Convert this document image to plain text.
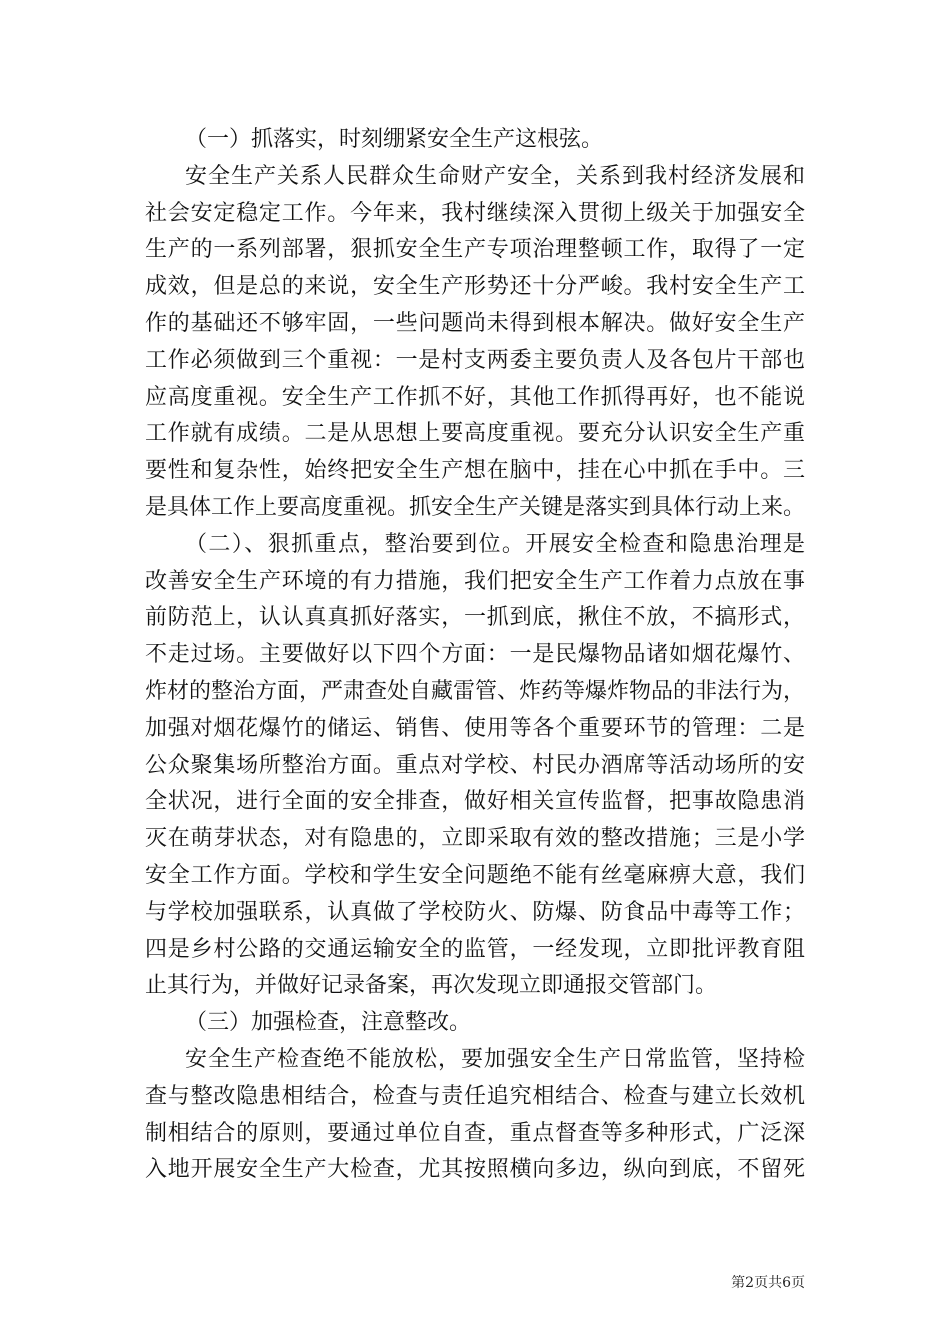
（一）抓落实，时刻绷紧安全生产这根弦。
安全生产关系人民群众生命财产安全，关系到我村经济发展和
社会安定稳定工作。今年来，我村继续深入贯彻上级关于加强安全
生产的一系列部署，狠抓安全生产专项治理整顿工作，取得了一定
成效，但是总的来说，安全生产形势还十分严峻。我村安全生产工
作的基础还不够牢固，一些问题尚未得到根本解决。做好安全生产
工作必须做到三个重视：一是村支两委主要负责人及各包片干部也
应高度重视。安全生产工作抓不好，其他工作抓得再好，也不能说
工作就有成绩。二是从思想上要高度重视。要充分认识安全生产重
要性和复杂性，始终把安全生产想在脑中，挂在心中抓在手中。三
是具体工作上要高度重视。抓安全生产关键是落实到具体行动上来。
（二）、狠抓重点，整治要到位。开展安全检查和隐患治理是
改善安全生产环境的有力措施，我们把安全生产工作着力点放在事
前防范上，认认真真抓好落实，一抓到底，揪住不放，不搞形式，
不走过场。主要做好以下四个方面：一是民爆物品诸如烟花爆竹、
炸材的整治方面，严肃查处自藏雷管、炸药等爆炸物品的非法行为，
加强对烟花爆竹的储运、销售、使用等各个重要环节的管理：二是
公众聚集场所整治方面。重点对学校、村民办酒席等活动场所的安
全状况，进行全面的安全排查，做好相关宣传监督，把事故隐患消
灭在萌芽状态，对有隐患的，立即采取有效的整改措施；三是小学
安全工作方面。学校和学生安全问题绝不能有丝毫麻痹大意，我们
与学校加强联系，认真做了学校防火、防爆、防食品中毒等工作；
四是乡村公路的交通运输安全的监管，一经发现，立即批评教育阻
止其行为，并做好记录备案，再次发现立即通报交管部门。
（三）加强检查，注意整改。
安全生产检查绝不能放松，要加强安全生产日常监管，坚持检
查与整改隐患相结合，检查与责任追究相结合、检查与建立长效机
制相结合的原则，要通过单位自查，重点督查等多种形式，广泛深
入地开展安全生产大检查，尤其按照横向多边，纵向到底，不留死
第2页共6页
